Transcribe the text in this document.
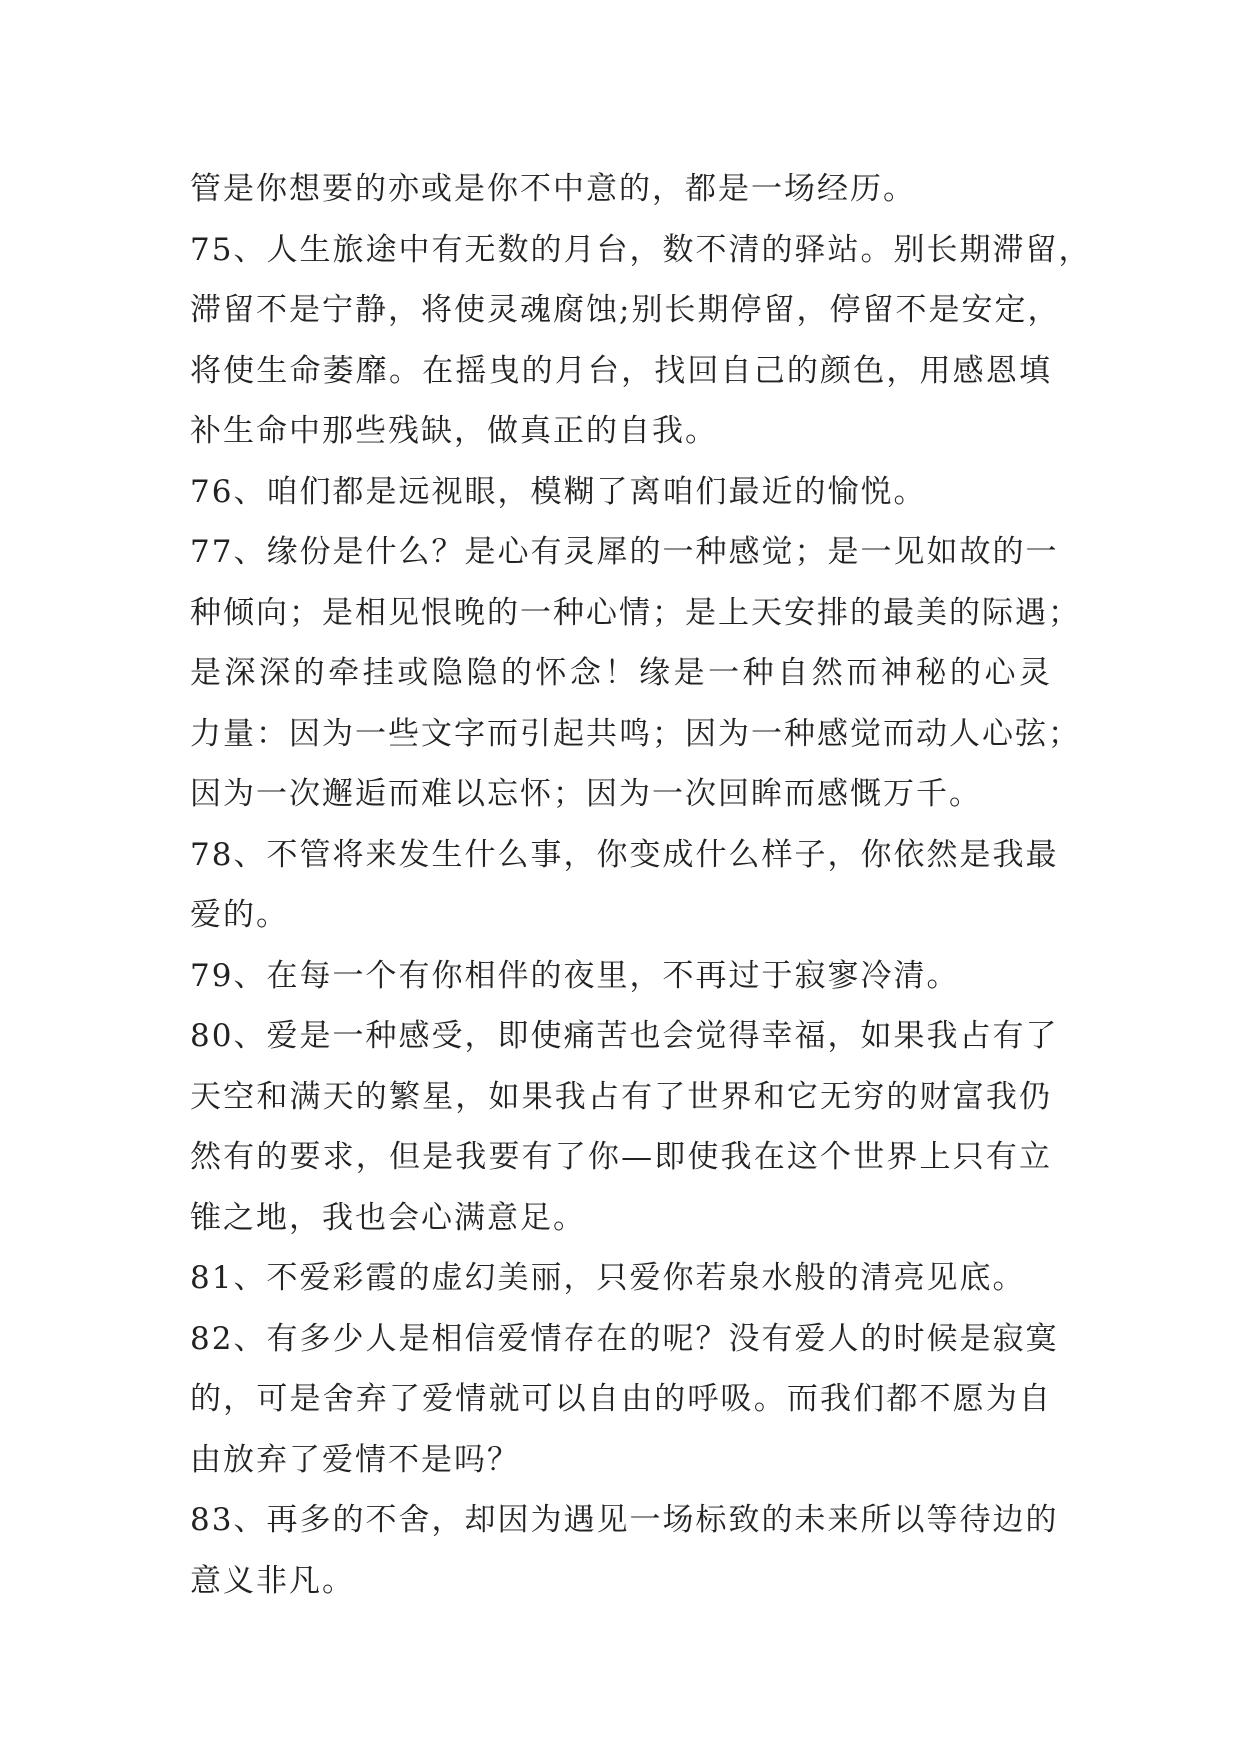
管是你想要的亦或是你不中意的，都是一场经历。
75、人生旅途中有无数的月台，数不清的驿站。别长期滞留，
滞留不是宁静，将使灵魂腐蚀;别长期停留，停留不是安定，
将使生命萎靡。在摇曳的月台，找回自己的颜色，用感恩填
补生命中那些残缺，做真正的自我。
76、咱们都是远视眼，模糊了离咱们最近的愉悦。
77、缘份是什么？是心有灵犀的一种感觉；是一见如故的一
种倾向；是相见恨晚的一种心情；是上天安排的最美的际遇；
是深深的牵挂或隐隐的怀念！缘是一种自然而神秘的心灵
力量：因为一些文字而引起共鸣；因为一种感觉而动人心弦；
因为一次邂逅而难以忘怀；因为一次回眸而感慨万千。
78、不管将来发生什么事，你变成什么样子，你依然是我最
爱的。
79、在每一个有你相伴的夜里，不再过于寂寥冷清。
80、爱是一种感受，即使痛苦也会觉得幸福，如果我占有了
天空和满天的繁星，如果我占有了世界和它无穷的财富我仍
然有的要求，但是我要有了你—即使我在这个世界上只有立
锥之地，我也会心满意足。
81、不爱彩霞的虚幻美丽，只爱你若泉水般的清亮见底。
82、有多少人是相信爱情存在的呢？没有爱人的时候是寂寞
的，可是舍弃了爱情就可以自由的呼吸。而我们都不愿为自
由放弃了爱情不是吗？
83、再多的不舍，却因为遇见一场标致的未来所以等待边的
意义非凡。
